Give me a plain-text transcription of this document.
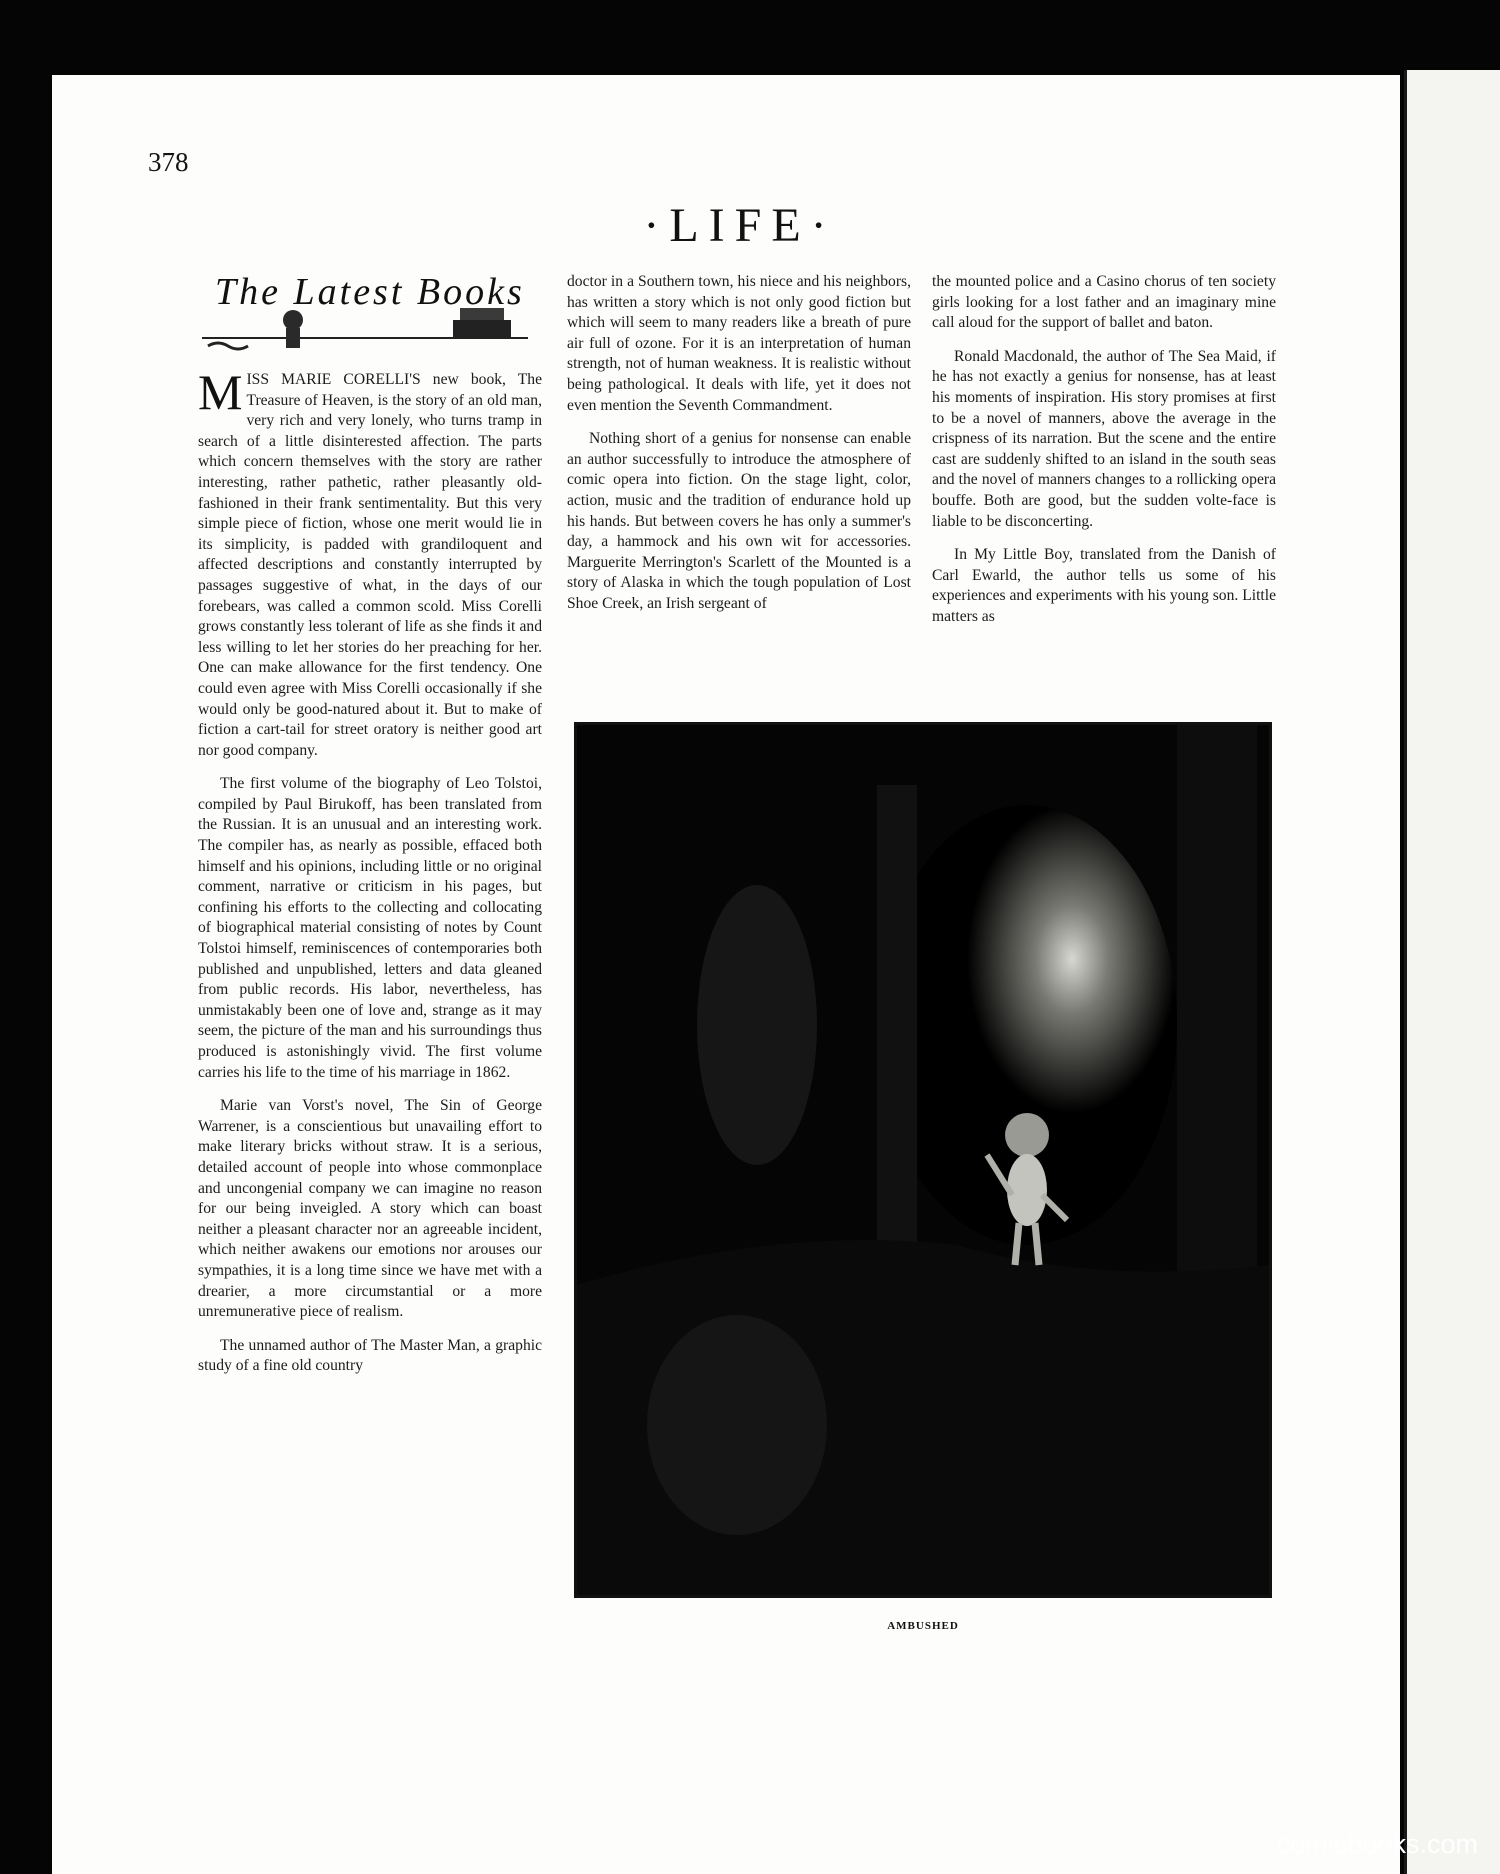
378
·LIFE·
The Latest Books

MISS MARIE CORELLI'S new book, The Treasure of Heaven, is the story of an old man, very rich and very lonely, who turns tramp in search of a little disinterested affection. The parts which concern themselves with the story are rather interesting, rather pathetic, rather pleasantly old-fashioned in their frank sentimentality. But this very simple piece of fiction, whose one merit would lie in its simplicity, is padded with grandiloquent and affected descriptions and constantly interrupted by passages suggestive of what, in the days of our forebears, was called a common scold. Miss Corelli grows constantly less tolerant of life as she finds it and less willing to let her stories do her preaching for her. One can make allowance for the first tendency. One could even agree with Miss Corelli occasionally if she would only be good-natured about it. But to make of fiction a cart-tail for street oratory is neither good art nor good company.

The first volume of the biography of Leo Tolstoi, compiled by Paul Birukoff, has been translated from the Russian. It is an unusual and an interesting work. The compiler has, as nearly as possible, effaced both himself and his opinions, including little or no original comment, narrative or criticism in his pages, but confining his efforts to the collecting and collocating of biographical material consisting of notes by Count Tolstoi himself, reminiscences of contemporaries both published and unpublished, letters and data gleaned from public records. His labor, nevertheless, has unmistakably been one of love and, strange as it may seem, the picture of the man and his surroundings thus produced is astonishingly vivid. The first volume carries his life to the time of his marriage in 1862.

Marie van Vorst's novel, The Sin of George Warrener, is a conscientious but unavailing effort to make literary bricks without straw. It is a serious, detailed account of people into whose commonplace and uncongenial company we can imagine no reason for our being inveigled. A story which can boast neither a pleasant character nor an agreeable incident, which neither awakens our emotions nor arouses our sympathies, it is a long time since we have met with a drearier, a more circumstantial or a more unremunerative piece of realism.

The unnamed author of The Master Man, a graphic study of a fine old country

doctor in a Southern town, his niece and his neighbors, has written a story which is not only good fiction but which will seem to many readers like a breath of pure air full of ozone. For it is an interpretation of human strength, not of human weakness. It is realistic without being pathological. It deals with life, yet it does not even mention the Seventh Commandment.

Nothing short of a genius for nonsense can enable an author successfully to introduce the atmosphere of comic opera into fiction. On the stage light, color, action, music and the tradition of endurance hold up his hands. But between covers he has only a summer's day, a hammock and his own wit for accessories. Marguerite Merrington's Scarlett of the Mounted is a story of Alaska in which the tough population of Lost Shoe Creek, an Irish sergeant of

the mounted police and a Casino chorus of ten society girls looking for a lost father and an imaginary mine call aloud for the support of ballet and baton.

Ronald Macdonald, the author of The Sea Maid, if he has not exactly a genius for nonsense, has at least his moments of inspiration. His story promises at first to be a novel of manners, above the average in the crispness of its narration. But the scene and the entire cast are suddenly shifted to an island in the south seas and the novel of manners changes to a rollicking opera bouffe. Both are good, but the sudden volte-face is liable to be disconcerting.

In My Little Boy, translated from the Danish of Carl Ewarld, the author tells us some of his experiences and experiments with his young son. Little matters as

AMBUSHED
comicbooks.com
